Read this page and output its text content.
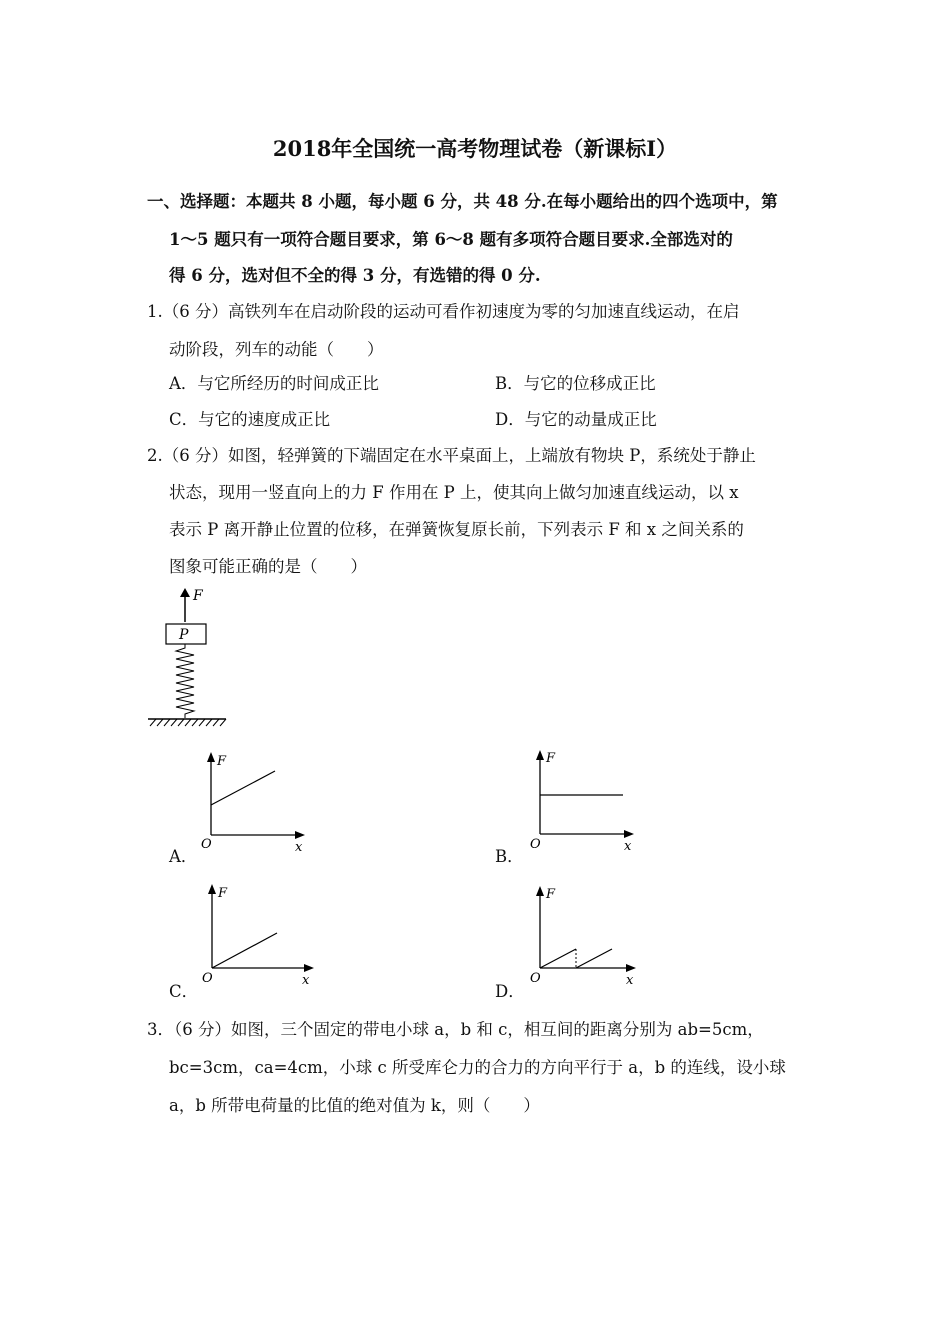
2018年全国统一高考物理试卷（新课标Ⅰ）
一、选择题：本题共 8 小题，每小题 6 分，共 48 分.在每小题给出的四个选项中，第
1～5 题只有一项符合题目要求，第 6～8 题有多项符合题目要求.全部选对的
得 6 分，选对但不全的得 3 分，有选错的得 0 分.
1.（6 分）高铁列车在启动阶段的运动可看作初速度为零的匀加速直线运动，在启
动阶段，列车的动能（　　）
A．与它所经历的时间成正比	B．与它的位移成正比
C．与它的速度成正比	D．与它的动量成正比
2.（6 分）如图，轻弹簧的下端固定在水平桌面上，上端放有物块 P，系统处于静止
状态，现用一竖直向上的力 F 作用在 P 上，使其向上做匀加速直线运动，以 x
表示 P 离开静止位置的位移，在弹簧恢复原长前，下列表示 F 和 x 之间关系的
图象可能正确的是（　　）
F
P
A．
F
x
O
B．
F
x
O
C．
F
x
O
D．
F
x
O
3．（6 分）如图，三个固定的带电小球 a，b 和 c，相互间的距离分别为 ab=5cm，
bc=3cm，ca=4cm，小球 c 所受库仑力的合力的方向平行于 a，b 的连线，设小球
a，b 所带电荷量的比值的绝对值为 k，则（　　）
